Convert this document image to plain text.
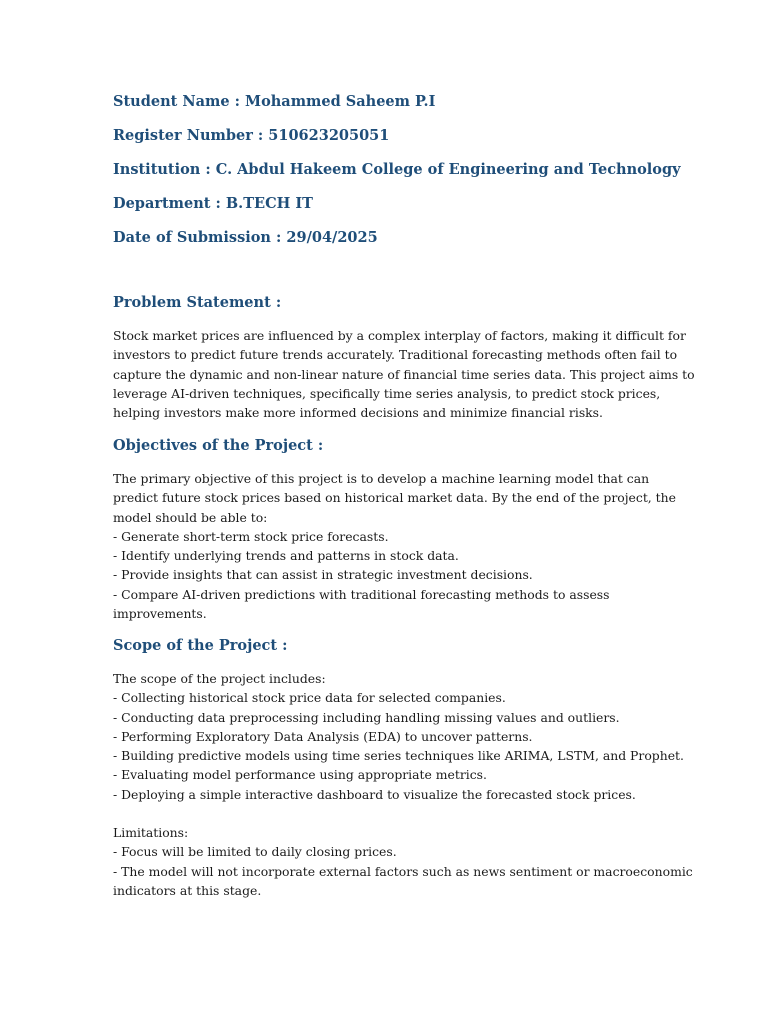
Student Name : Mohammed Saheem P.I

Register Number : 510623205051

Institution : C. Abdul Hakeem College of Engineering and Technology

Department : B.TECH IT

Date of Submission : 29/04/2025

Problem Statement :

Stock market prices are influenced by a complex interplay of factors, making it difficult for
investors to predict future trends accurately. Traditional forecasting methods often fail to
capture the dynamic and non-linear nature of financial time series data. This project aims to
leverage AI-driven techniques, specifically time series analysis, to predict stock prices,
helping investors make more informed decisions and minimize financial risks.

Objectives of the Project :

The primary objective of this project is to develop a machine learning model that can
predict future stock prices based on historical market data. By the end of the project, the
model should be able to:
- Generate short-term stock price forecasts.
- Identify underlying trends and patterns in stock data.
- Provide insights that can assist in strategic investment decisions.
- Compare AI-driven predictions with traditional forecasting methods to assess
improvements.

Scope of the Project :

The scope of the project includes:
- Collecting historical stock price data for selected companies.
- Conducting data preprocessing including handling missing values and outliers.
- Performing Exploratory Data Analysis (EDA) to uncover patterns.
- Building predictive models using time series techniques like ARIMA, LSTM, and Prophet.
- Evaluating model performance using appropriate metrics.
- Deploying a simple interactive dashboard to visualize the forecasted stock prices.
Limitations:
- Focus will be limited to daily closing prices.
- The model will not incorporate external factors such as news sentiment or macroeconomic
indicators at this stage.
